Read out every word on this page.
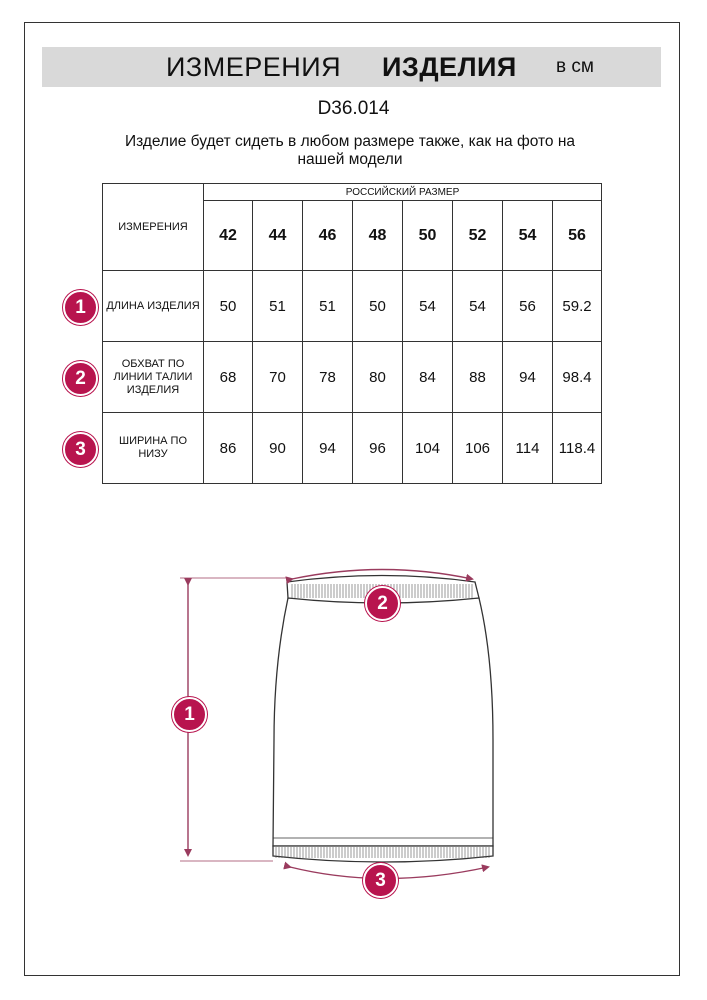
ИЗМЕРЕНИЯ ИЗДЕЛИЯ в см
D36.014
Изделие будет сидеть в любом размере также, как на фото на нашей модели
ИЗМЕРЕНИЯ	РОССИЙСКИЙ РАЗМЕР							
	42	44	46	48	50	52	54	56
ДЛИНА ИЗДЕЛИЯ	50	51	51	50	54	54	56	59.2
ОБХВАТ ПО ЛИНИИ ТАЛИИ ИЗДЕЛИЯ	68	70	78	80	84	88	94	98.4
ШИРИНА ПО НИЗУ	86	90	94	96	104	106	114	118.4
1
2
3
1
2
3
